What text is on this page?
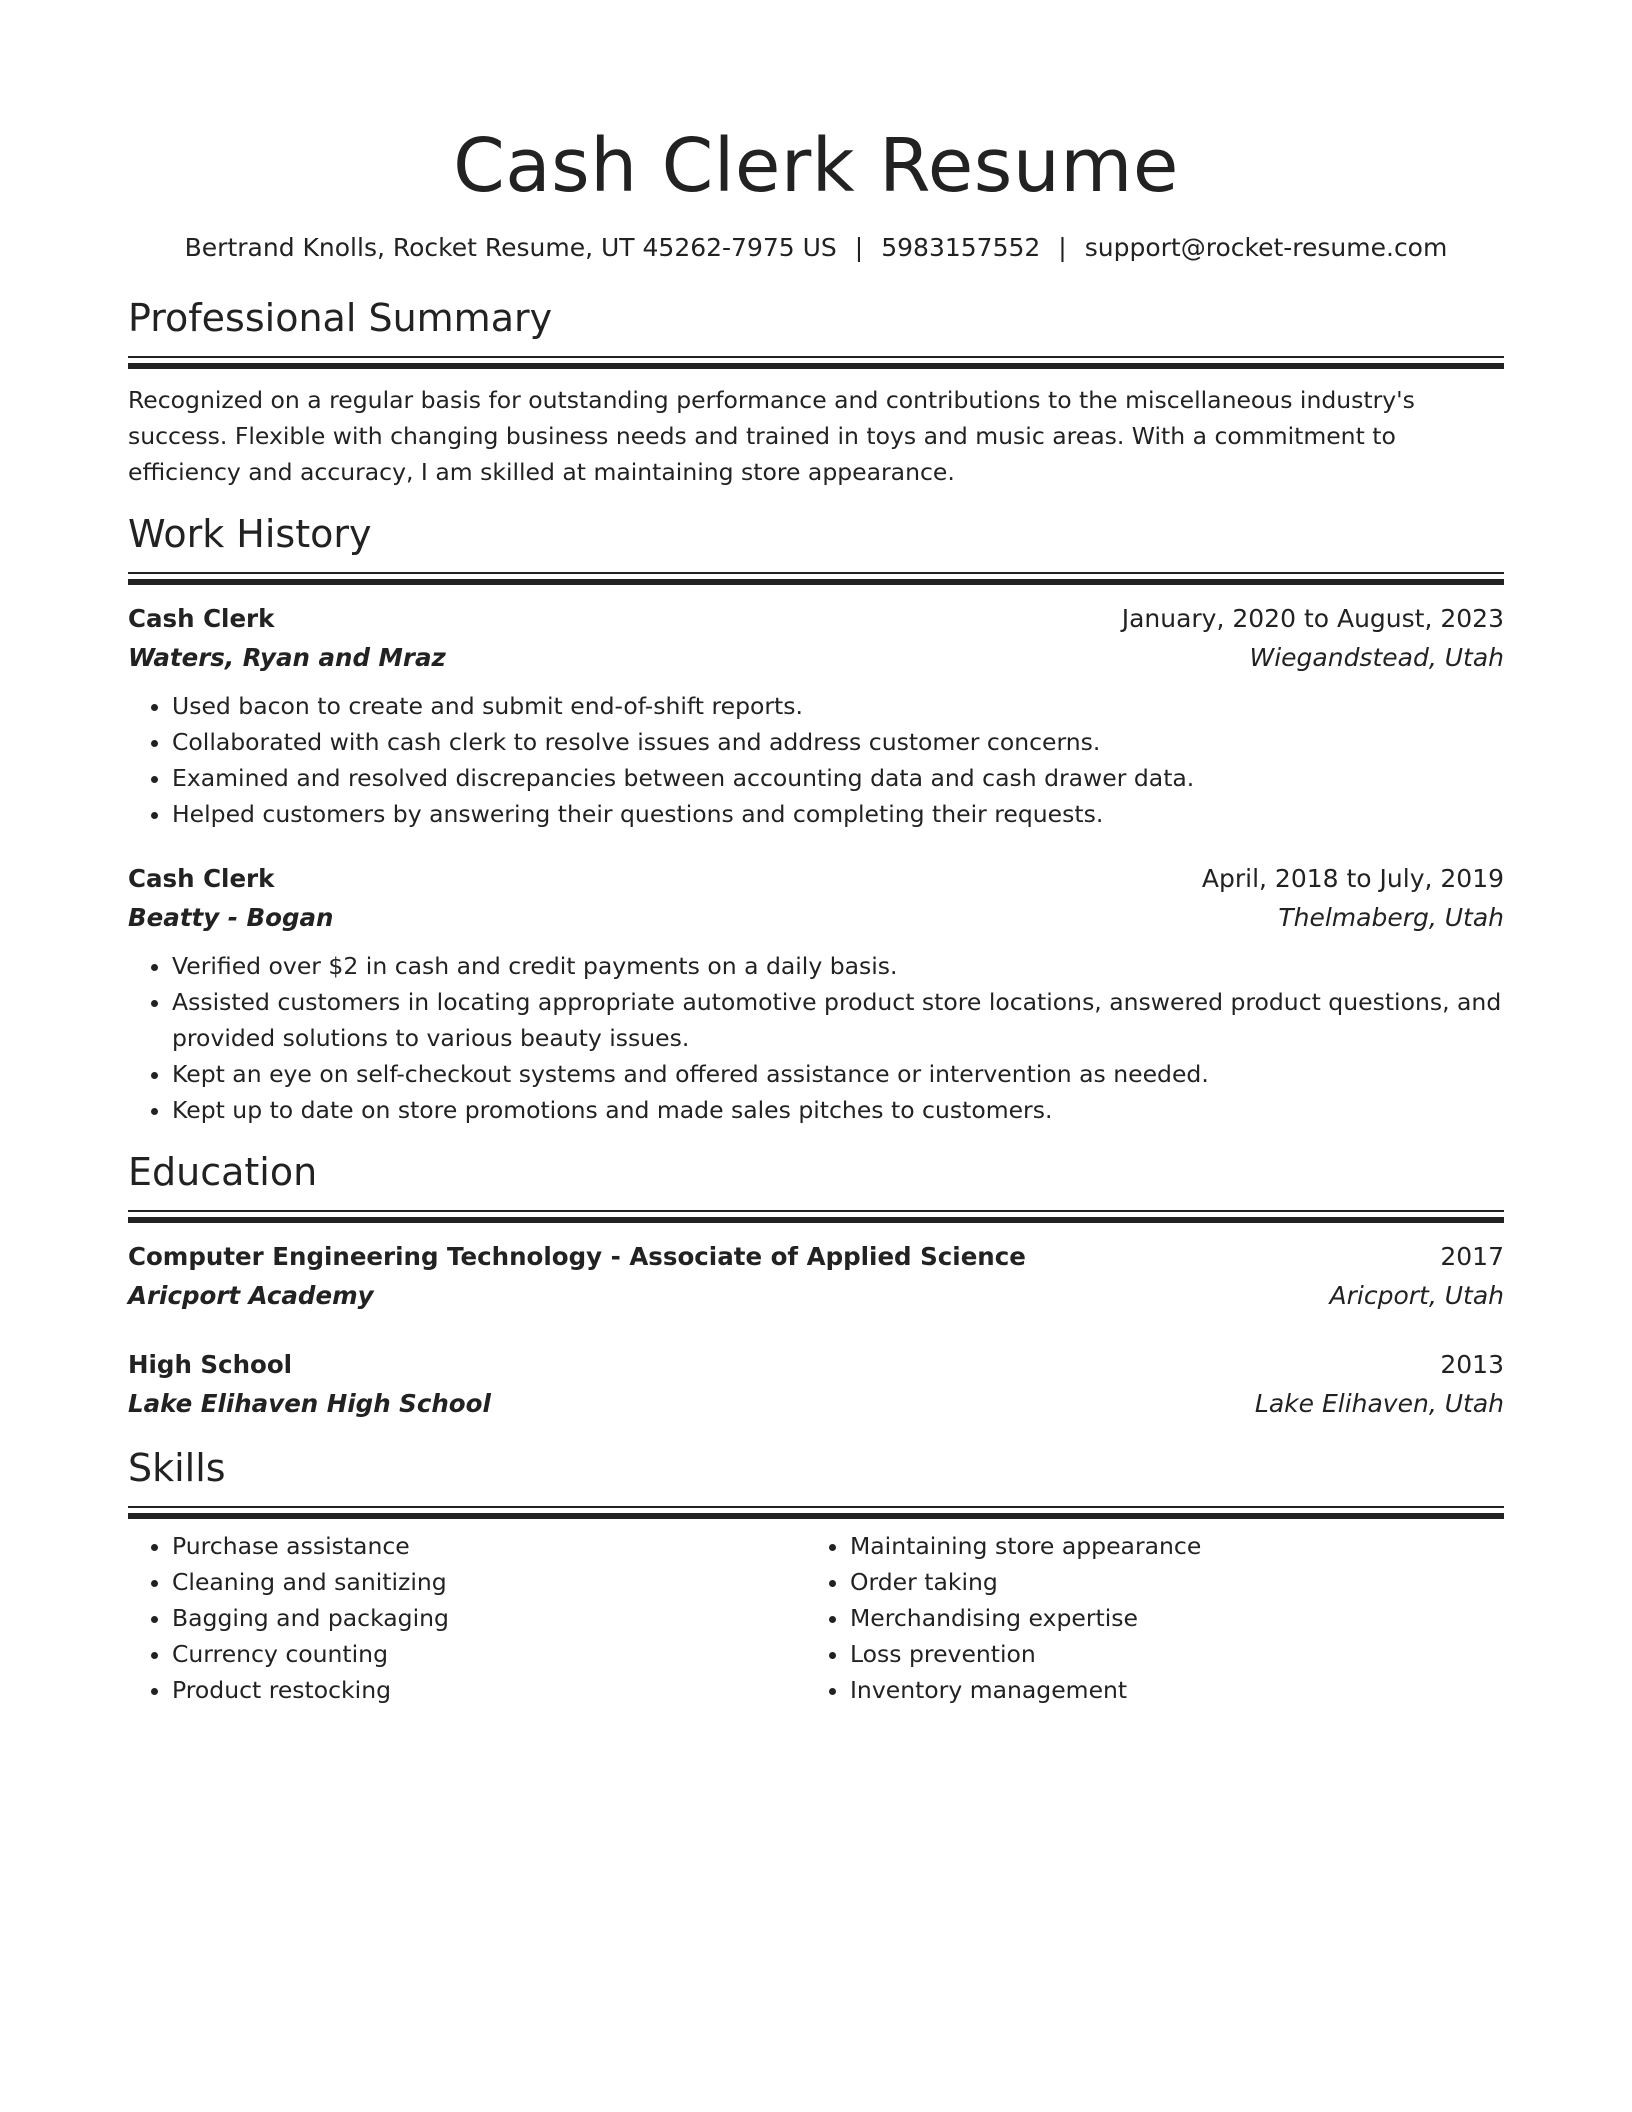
Cash Clerk Resume
Bertrand Knolls, Rocket Resume, UT 45262-7975 US | 5983157552 | support@rocket-resume.com
Professional Summary
Recognized on a regular basis for outstanding performance and contributions to the miscellaneous industry's success. Flexible with changing business needs and trained in toys and music areas. With a commitment to efficiency and accuracy, I am skilled at maintaining store appearance.
Work History
Cash Clerk	January, 2020 to August, 2023
Waters, Ryan and Mraz	Wiegandstead, Utah
• Used bacon to create and submit end-of-shift reports.
• Collaborated with cash clerk to resolve issues and address customer concerns.
• Examined and resolved discrepancies between accounting data and cash drawer data.
• Helped customers by answering their questions and completing their requests.
Cash Clerk	April, 2018 to July, 2019
Beatty - Bogan	Thelmaberg, Utah
• Verified over $2 in cash and credit payments on a daily basis.
• Assisted customers in locating appropriate automotive product store locations, answered product questions, and provided solutions to various beauty issues.
• Kept an eye on self-checkout systems and offered assistance or intervention as needed.
• Kept up to date on store promotions and made sales pitches to customers.
Education
Computer Engineering Technology - Associate of Applied Science	2017
Aricport Academy	Aricport, Utah
High School	2013
Lake Elihaven High School	Lake Elihaven, Utah
Skills
• Purchase assistance
• Cleaning and sanitizing
• Bagging and packaging
• Currency counting
• Product restocking
• Maintaining store appearance
• Order taking
• Merchandising expertise
• Loss prevention
• Inventory management
